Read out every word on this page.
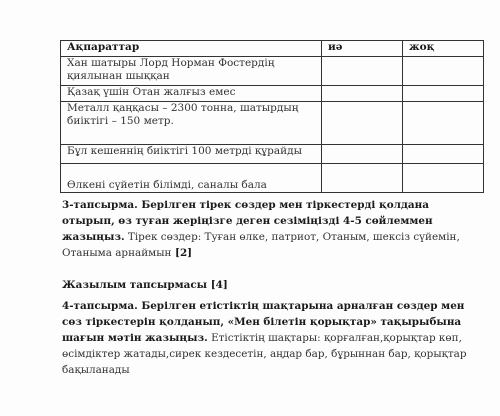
Ақпараттар	иә	жоқ
Хан шатыры Лорд Норман Фостердің қиялынан шыққан		
Қазақ үшін Отан жалғыз емес		
Металл қаңқасы – 2300 тонна, шатырдың биіктігі – 150 метр.		
Бұл кешеннің биіктігі 100 метрді құрайды		
Өлкені сүйетін білімді, саналы бала		
3-тапсырма. Берілген тірек сөздер мен тіркестерді қолдана отырып, өз туған жеріңізге деген сезіміңізді 4-5 сөйлеммен жазыңыз. Тірек сөздер: Туған өлке, патриот, Отаным, шексіз сүйемін, Отаныма арнаймын [2]
Жазылым тапсырмасы [4]
4-тапсырма. Берілген етістіктің шақтарына арналған сөздер мен сөз тіркестерін қолданып, «Мен білетін қорықтар» тақырыбына шағын мәтін жазыңыз. Етістіктің шақтары: қорғалған,қорықтар көп, өсімдіктер жатады,сирек кездесетін, аңдар бар, бұрыннан бар, қорықтар бақыланады
